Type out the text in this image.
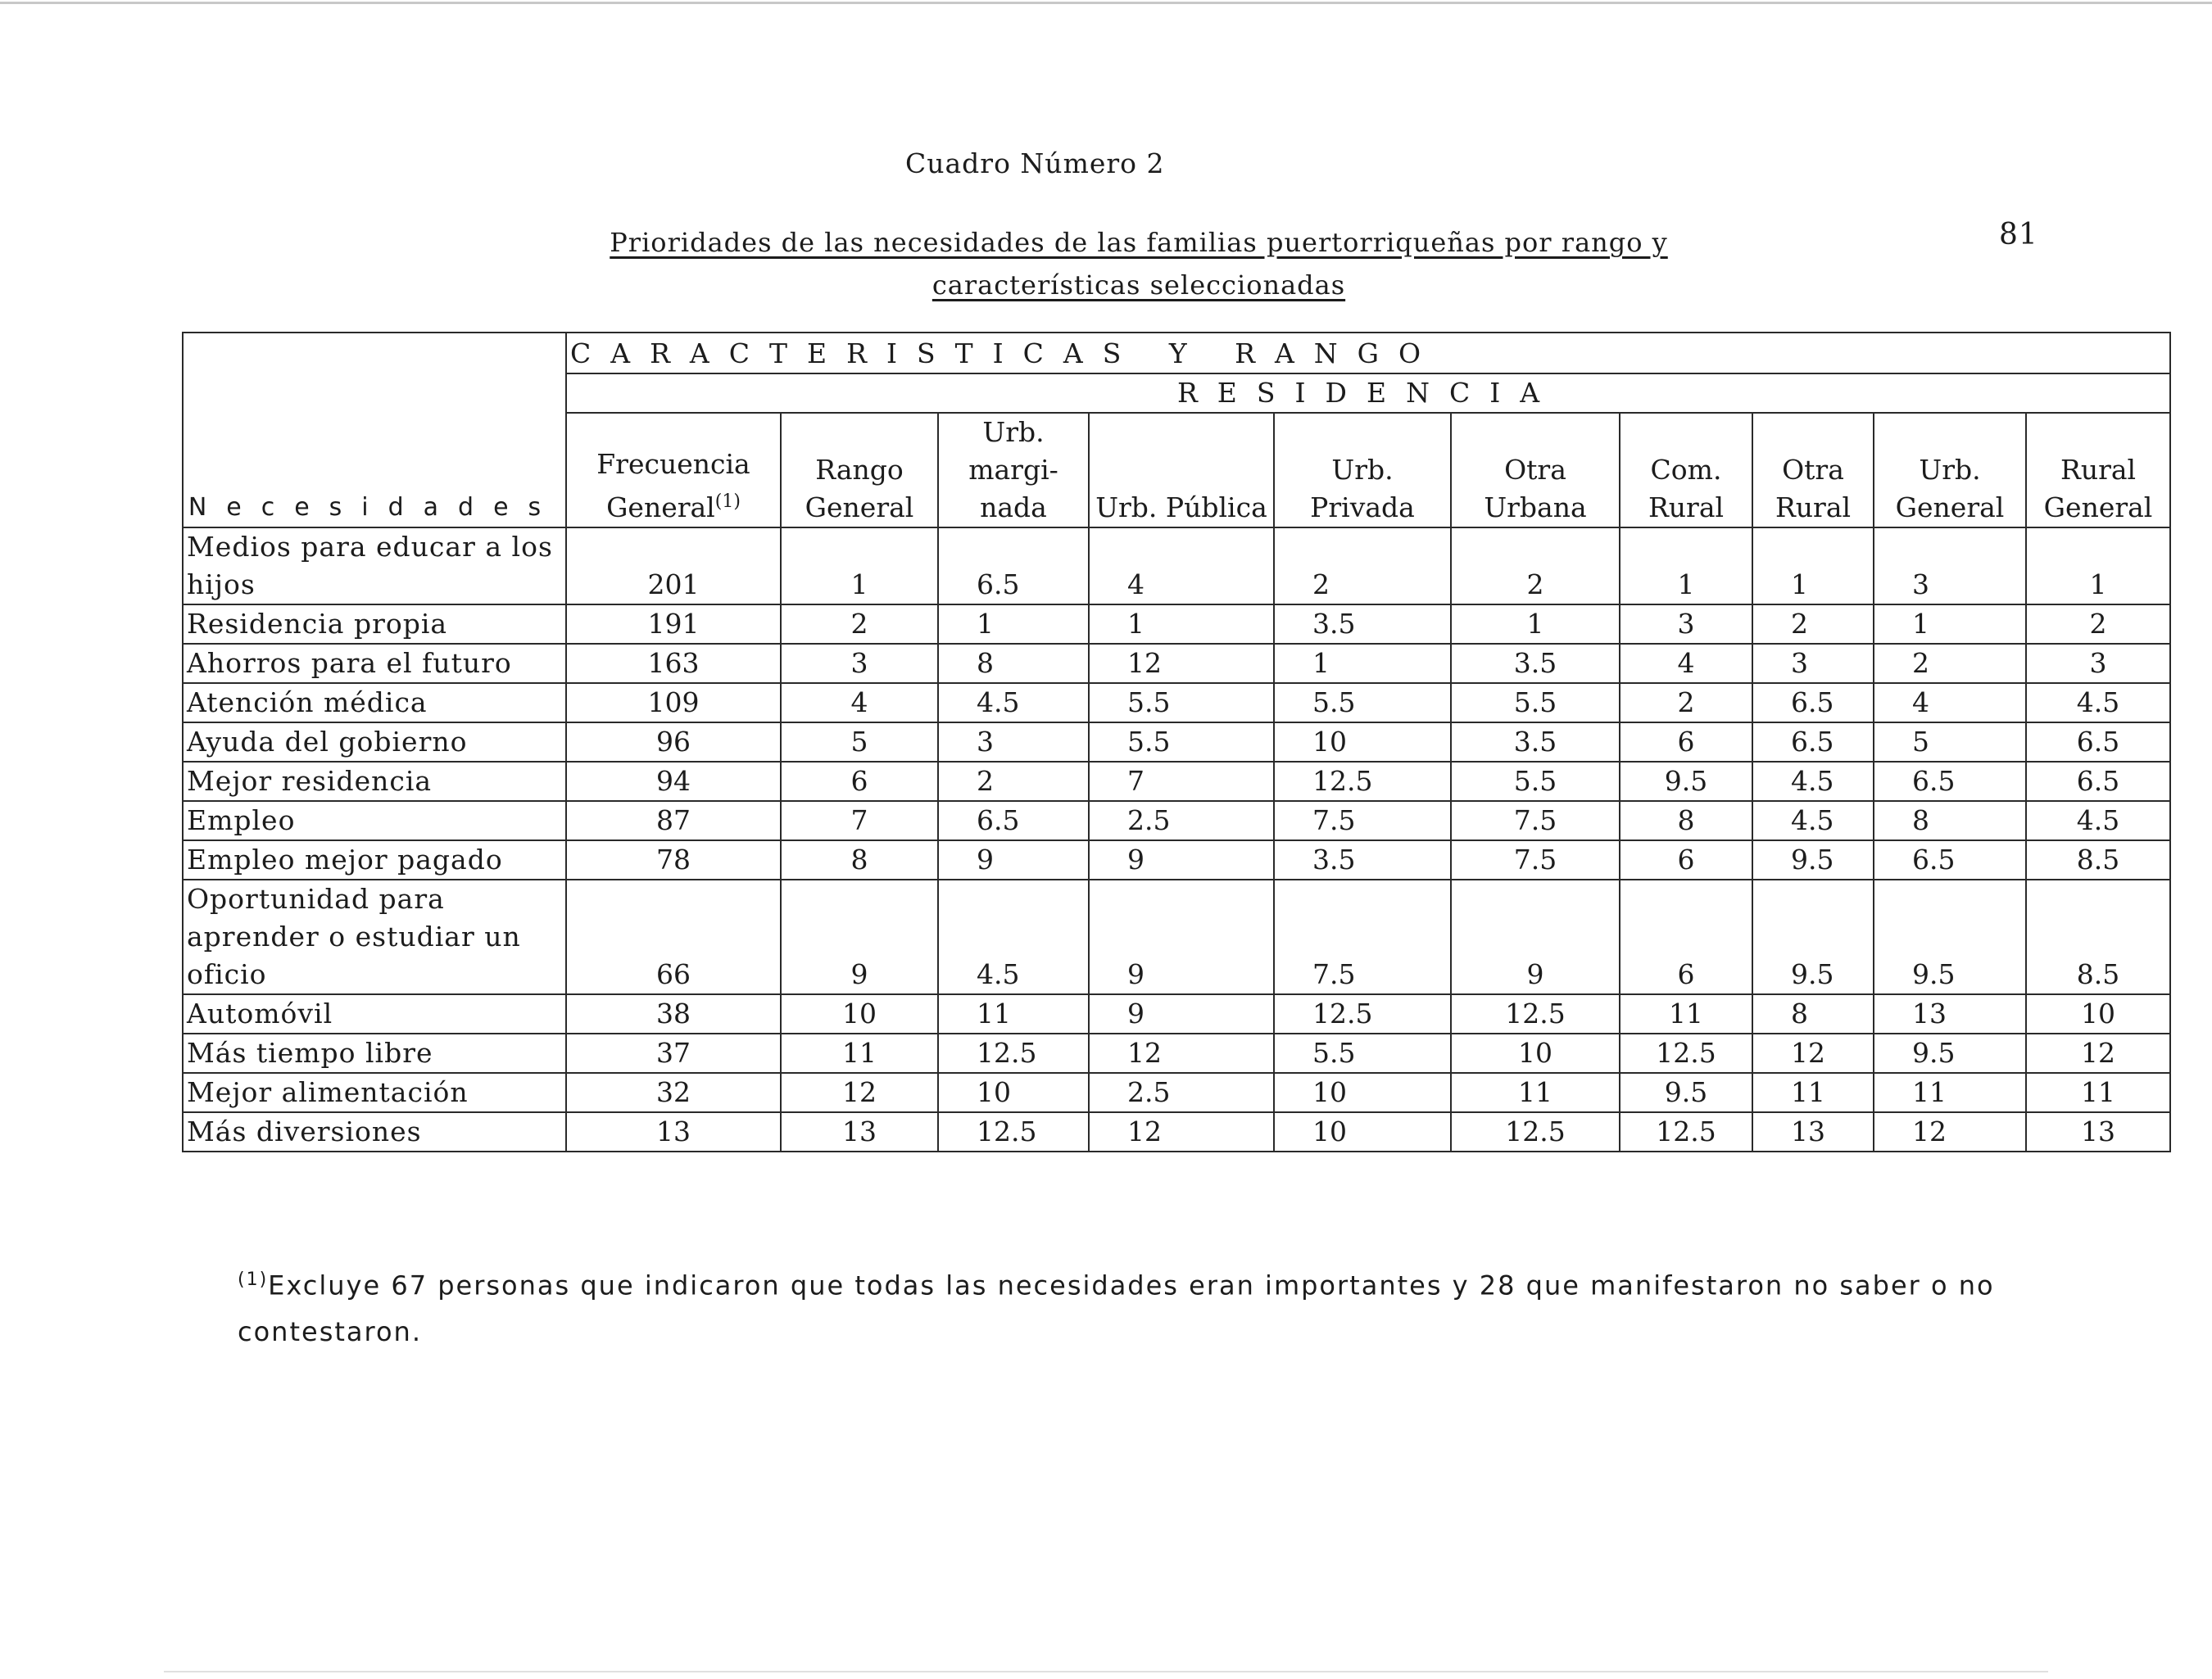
Cuadro Número 2
81
Prioridades de las necesidades de las familias puertorriqueñas por rango y
características seleccionadas
Necesidades	CARACTERISTICAS Y RANGO									
	RESIDENCIA									
	Frecuencia General$^{(1)}$	Rango General	Urb. margi- nada	Urb. Pública	Urb. Privada	Otra Urbana	Com. Rural	Otra Rural	Urb. General	Rural General
Medios para educar a los hijos	201	1	6.5	4	2	2	1	1	3	1
Residencia propia	191	2	1	1	3.5	1	3	2	1	2
Ahorros para el futuro	163	3	8	12	1	3.5	4	3	2	3
Atención médica	109	4	4.5	5.5	5.5	5.5	2	6.5	4	4.5
Ayuda del gobierno	96	5	3	5.5	10	3.5	6	6.5	5	6.5
Mejor residencia	94	6	2	7	12.5	5.5	9.5	4.5	6.5	6.5
Empleo	87	7	6.5	2.5	7.5	7.5	8	4.5	8	4.5
Empleo mejor pagado	78	8	9	9	3.5	7.5	6	9.5	6.5	8.5
Oportunidad para aprender o estudiar un oficio	66	9	4.5	9	7.5	9	6	9.5	9.5	8.5
Automóvil	38	10	11	9	12.5	12.5	11	8	13	10
Más tiempo libre	37	11	12.5	12	5.5	10	12.5	12	9.5	12
Mejor alimentación	32	12	10	2.5	10	11	9.5	11	11	11
Más diversiones	13	13	12.5	12	10	12.5	12.5	13	12	13
$^{(1)}$Excluye 67 personas que indicaron que todas las necesidades eran importantes y 28 que manifestaron no saber o no contestaron.
